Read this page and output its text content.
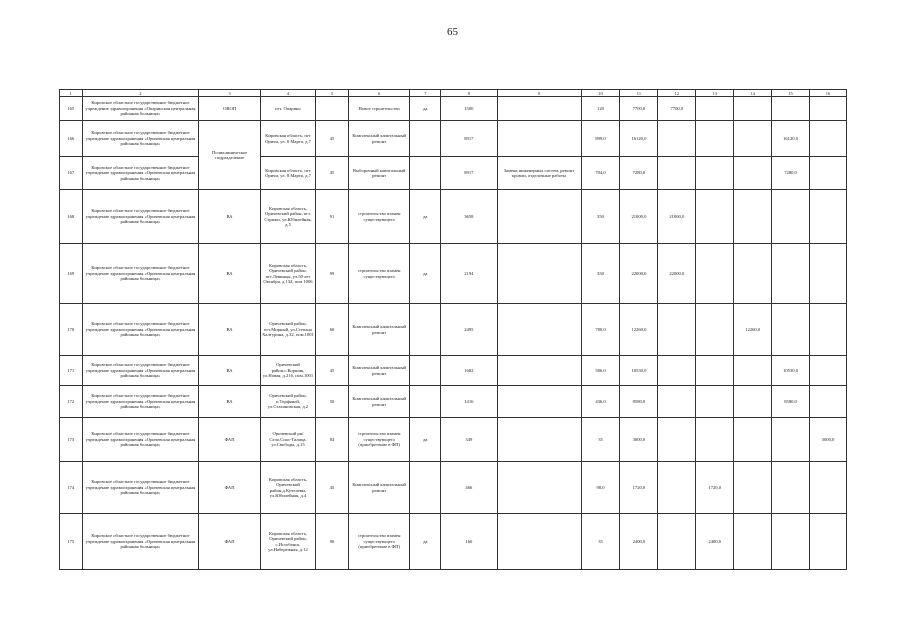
65
1	2	3	4	5	6	7	8	9	10	11	12	13	14	15	16
165	Кировское областное государственное бюджетное учреждение здравоохранения «Опаринская центральная районная больница»	ОВОП	пгт. Опарино		Новое строительство	да	1500		120	7700,0	7700,0				
166	Кировское областное государственное бюджетное учреждение здравоохранения «Оричевская центральная районная больница»	Поликлиническое подразделение	Кировская область, пгт Оричи, ул. 8 Марта, д.7	45	Комплексный капитальный ремонт		8917		899,0	16120,0				16120,0	
167	Кировское областное государственное бюджетное учреждение здравоохранения «Оричевская центральная районная больница»		Кировская область, пгт Оричи, ул. 8 Марта, д.7	45	Выборочный капитальный ремонт		8917	Замена инженерных систем, ремонт кровли, отделочные работы	704,0	7280,0				7280,0	
168	Кировское областное государственное бюджетное учреждение здравоохранения «Оричевская центральная районная больница»	ВА	Кировская область, Оричевский район, пгт. Стрижи, ул.Юбилейная, д.5	91	строительство взамен существующего	да	3658		350	21000,0	21000,0				
169	Кировское областное государственное бюджетное учреждение здравоохранения «Оричевская центральная районная больница»	ВА	Кировская область, Оричевский район, пгт.Левинцы, ул.50 лет Октября, д.132, пом 1006	99	строительство взамен существующего	да	2194		350	22000,0	22000,0				
170	Кировское областное государственное бюджетное учреждение здравоохранения «Оричевская центральная районная больница»	ВА	Оричевский район, пгт.Мирный, ул.Степана Халтурина, д.32, пом.1001	60	Комплексный капитальный ремонт		2495		780,0	12260,0			12260,0		
171	Кировское областное государственное бюджетное учреждение здравоохранения «Оричевская центральная районная больница»	ВА	Оричевский район,с.Коршик, ул.Новая, д.216, пом.1001	45	Комплексный капитальный ремонт		1682		586,0	10530,0				10530,0	
172	Кировское областное государственное бюджетное учреждение здравоохранения «Оричевская центральная районная больница»	ВА	Оричевский район, п.Торфяной, ул.Стахановская, д.2	50	Комплексный капитальный ремонт		1416		436,0	8580,0				8580,0	
173	Кировское областное государственное бюджетное учреждение здравоохранения «Оричевская центральная районная больница»	ФАП	Оричевский рн/Село,Спас-Талица, ул.Свободы, д.15	84	строительство взамен существующего (приобретение в ФП)	да	349		35	3000,0					3000,0
174	Кировское областное государственное бюджетное учреждение здравоохранения «Оричевская центральная районная больница»	ФАП	Кировская область, Оричевский район,д.Кучелевы, ул.Юбилейная, д.4	45	Комплексный капитальный ремонт		466		98,0	1720,0		1720,0			
175	Кировское областное государственное бюджетное учреждение здравоохранения «Оричевская центральная районная больница»	ФАП	Кировская область, Оричевский район, с.Истобенск, ул.Набережная, д.12	90	строительство взамен существующего (приобретение в ФП)	да	160		35	2400,0		2400,0			
